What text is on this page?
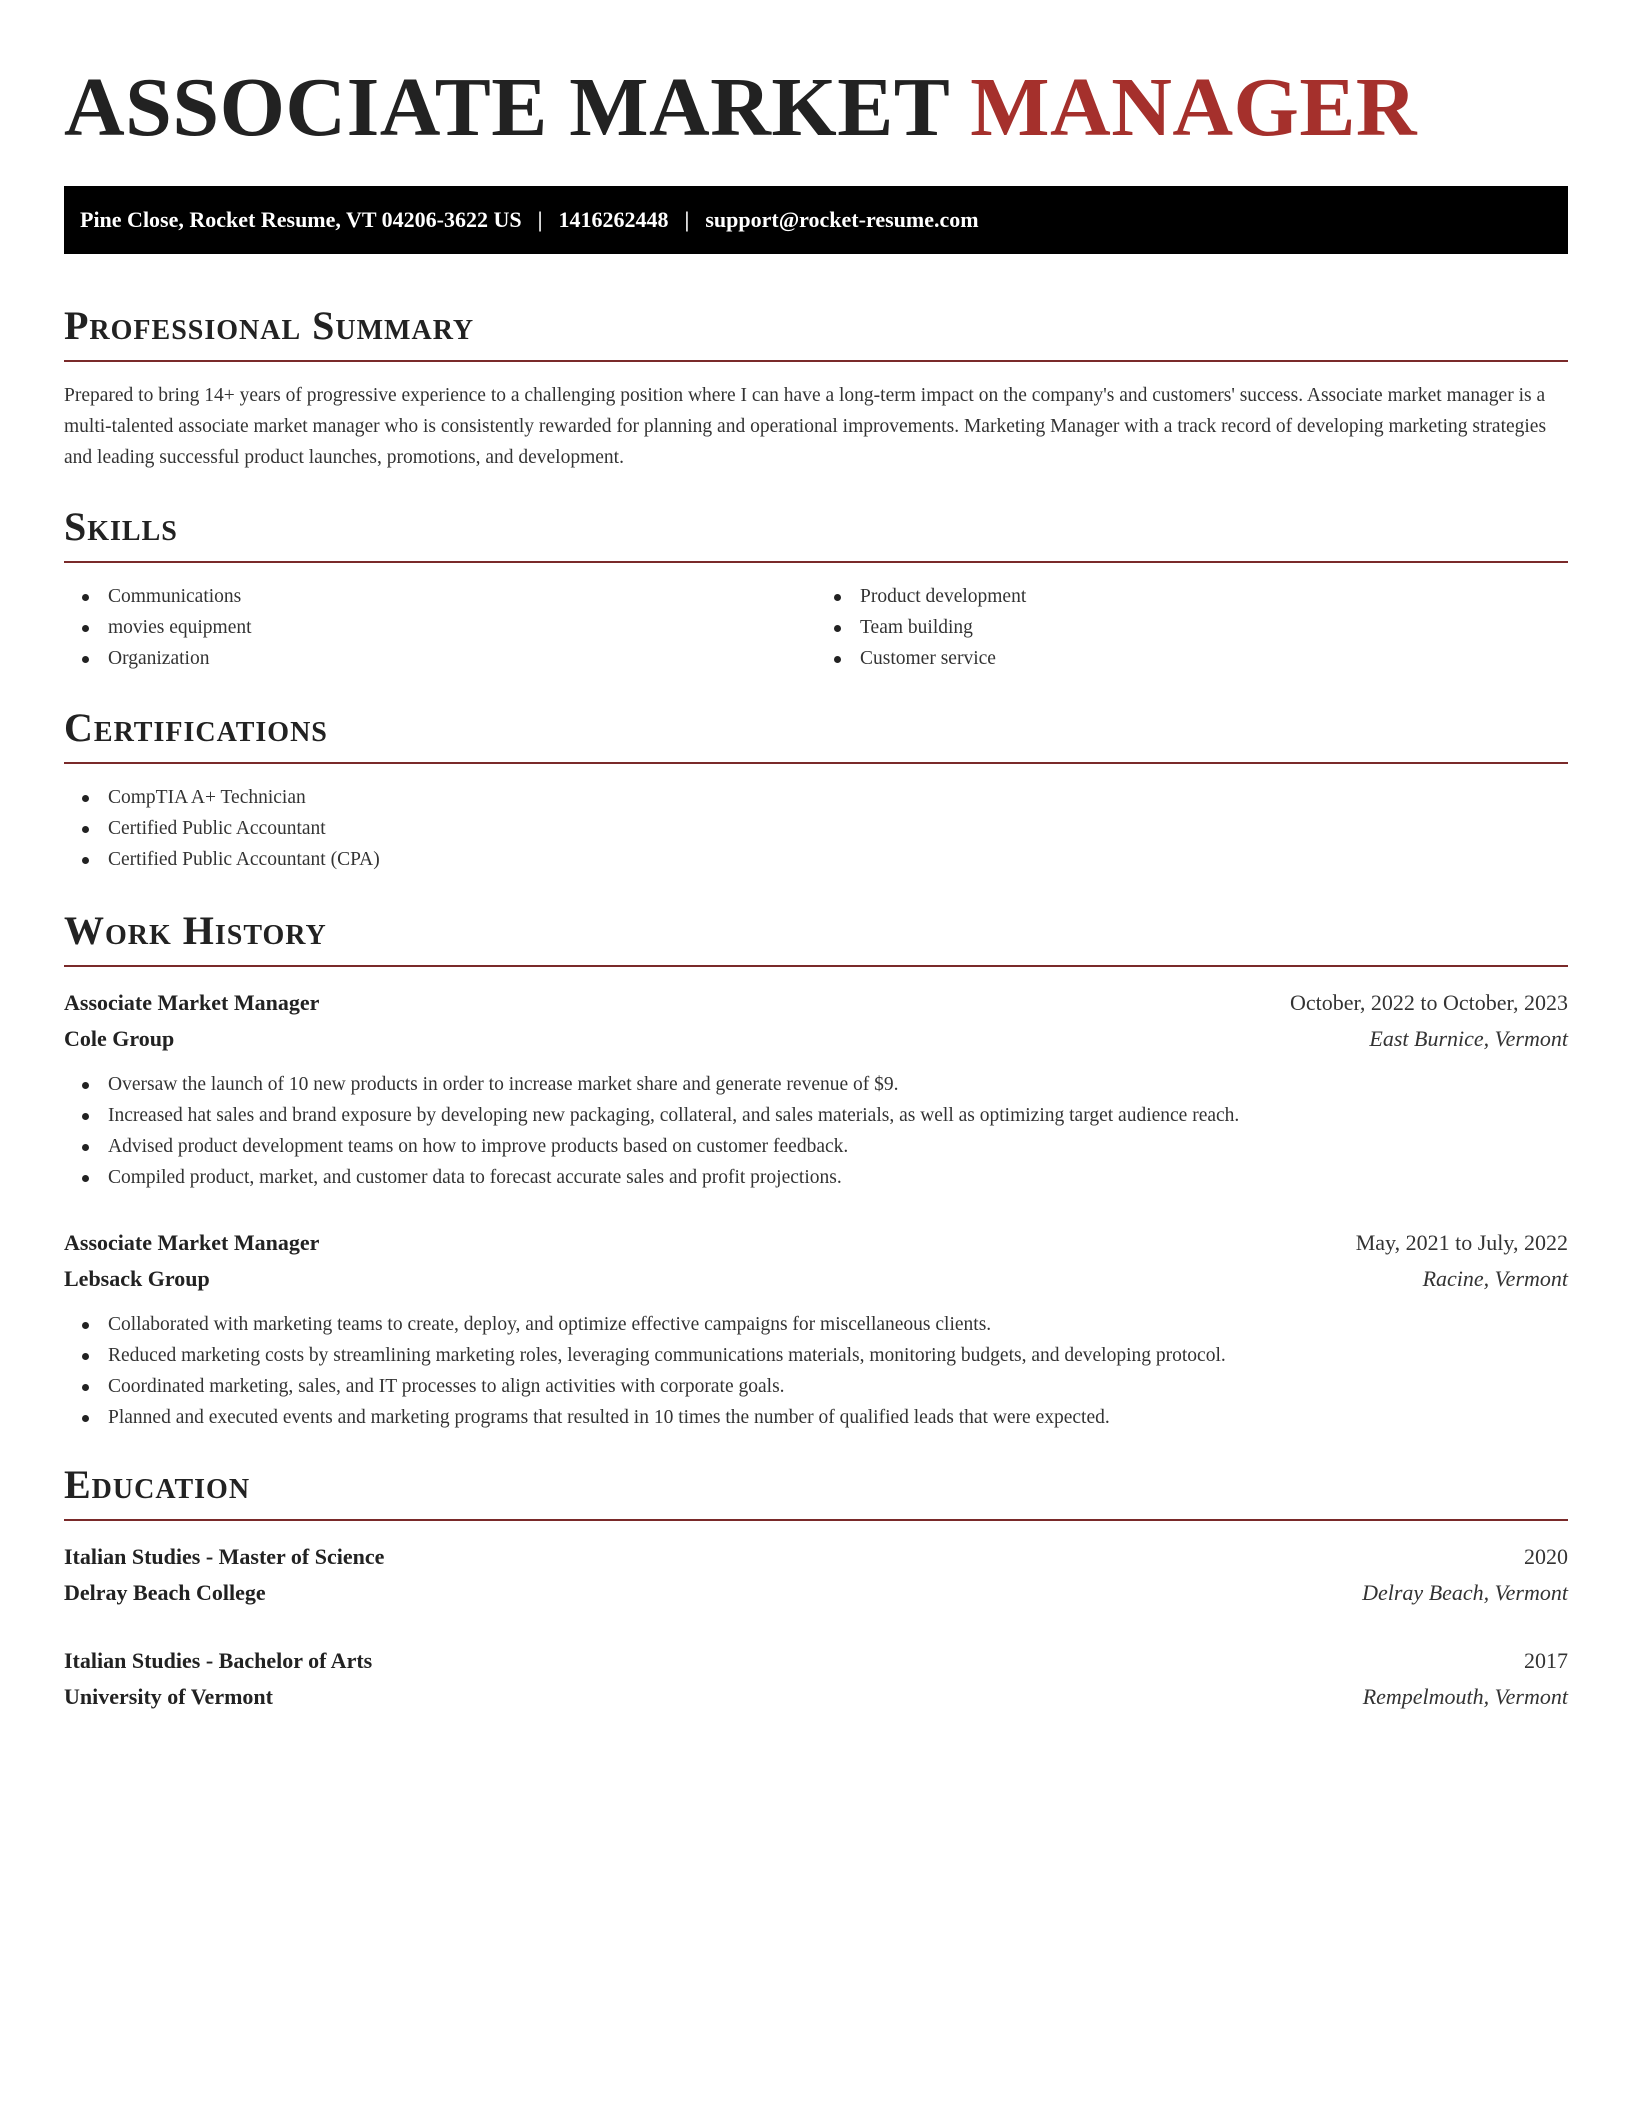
ASSOCIATE MARKET MANAGER
Pine Close, Rocket Resume, VT 04206-3622 US | 1416262448 | support@rocket-resume.com
Professional Summary

Prepared to bring 14+ years of progressive experience to a challenging position where I can have a long-term impact on the company's and customers' success. Associate market manager is a multi-talented associate market manager who is consistently rewarded for planning and operational improvements. Marketing Manager with a track record of developing marketing strategies and leading successful product launches, promotions, and development.

Skills
Communications
movies equipment
Organization
Product development
Team building
Customer service
Certifications
CompTIA A+ Technician
Certified Public Accountant
Certified Public Accountant (CPA)
Work History
Associate Market Manager	October, 2022 to October, 2023
Cole Group	East Burnice, Vermont
Oversaw the launch of 10 new products in order to increase market share and generate revenue of $9.
Increased hat sales and brand exposure by developing new packaging, collateral, and sales materials, as well as optimizing target audience reach.
Advised product development teams on how to improve products based on customer feedback.
Compiled product, market, and customer data to forecast accurate sales and profit projections.
Associate Market Manager	May, 2021 to July, 2022
Lebsack Group	Racine, Vermont
Collaborated with marketing teams to create, deploy, and optimize effective campaigns for miscellaneous clients.
Reduced marketing costs by streamlining marketing roles, leveraging communications materials, monitoring budgets, and developing protocol.
Coordinated marketing, sales, and IT processes to align activities with corporate goals.
Planned and executed events and marketing programs that resulted in 10 times the number of qualified leads that were expected.
Education
Italian Studies - Master of Science	2020
Delray Beach College	Delray Beach, Vermont
Italian Studies - Bachelor of Arts	2017
University of Vermont	Rempelmouth, Vermont
